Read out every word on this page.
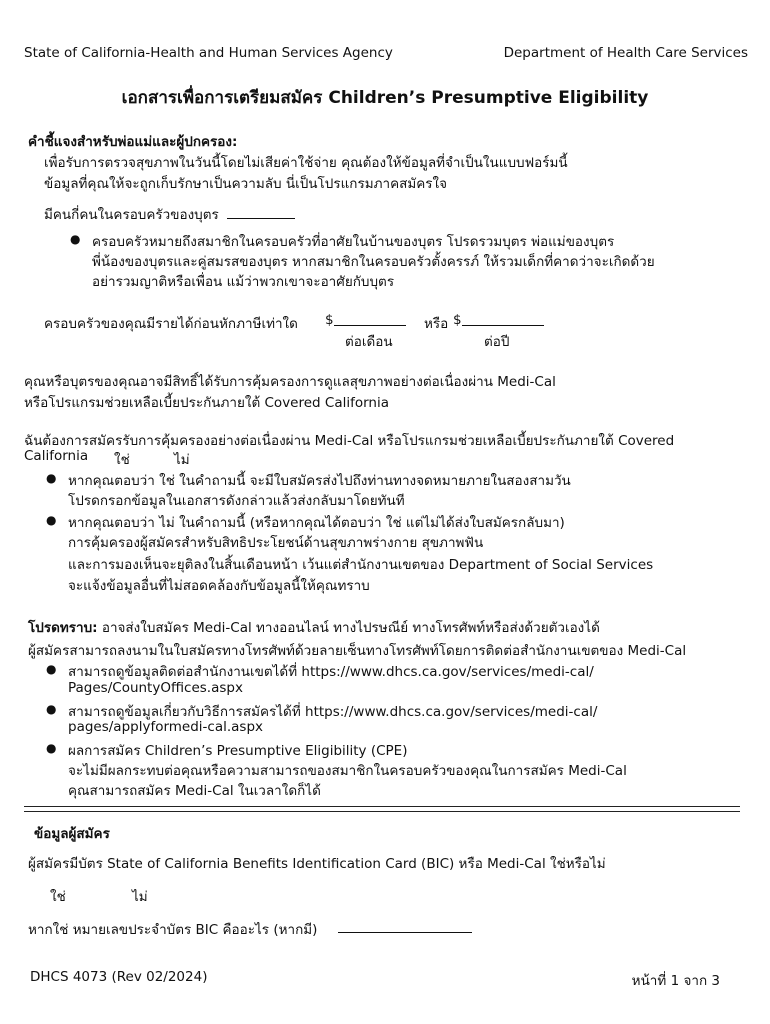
State of California-Health and Human Services Agency	Department of Health Care Services
เอกสารเพื่อการเตรียมสมัคร Children’s Presumptive Eligibility
คำชี้แจงสำหรับพ่อแม่และผู้ปกครอง:
เพื่อรับการตรวจสุขภาพในวันนี้โดยไม่เสียค่าใช้จ่าย คุณต้องให้ข้อมูลที่จำเป็นในแบบฟอร์มนี้
ข้อมูลที่คุณให้จะถูกเก็บรักษาเป็นความลับ นี่เป็นโปรแกรมภาคสมัครใจ
มีคนกี่คนในครอบครัวของบุตร
● ครอบครัวหมายถึงสมาชิกในครอบครัวที่อาศัยในบ้านของบุตร โปรดรวมบุตร พ่อแม่ของบุตร
พี่น้องของบุตรและคู่สมรสของบุตร หากสมาชิกในครอบครัวตั้งครรภ์ ให้รวมเด็กที่คาดว่าจะเกิดด้วย
อย่ารวมญาติหรือเพื่อน แม้ว่าพวกเขาจะอาศัยกับบุตร
ครอบครัวของคุณมีรายได้ก่อนหักภาษีเท่าใด $	หรือ $
ต่อเดือน	ต่อปี
คุณหรือบุตรของคุณอาจมีสิทธิ์ได้รับการคุ้มครองการดูแลสุขภาพอย่างต่อเนื่องผ่าน Medi-Cal
หรือโปรแกรมช่วยเหลือเบี้ยประกันภายใต้ Covered California
ฉันต้องการสมัครรับการคุ้มครองอย่างต่อเนื่องผ่าน Medi-Cal หรือโปรแกรมช่วยเหลือเบี้ยประกันภายใต้ Covered
California ใช่	ไม่
● หากคุณตอบว่า ใช่ ในคำถามนี้ จะมีใบสมัครส่งไปถึงท่านทางจดหมายภายในสองสามวัน
โปรดกรอกข้อมูลในเอกสารดังกล่าวแล้วส่งกลับมาโดยทันที
● หากคุณตอบว่า ไม่ ในคำถามนี้ (หรือหากคุณได้ตอบว่า ใช่ แต่ไม่ได้ส่งใบสมัครกลับมา)
การคุ้มครองผู้สมัครสำหรับสิทธิประโยชน์ด้านสุขภาพร่างกาย สุขภาพฟัน
และการมองเห็นจะยุติลงในสิ้นเดือนหน้า เว้นแต่สำนักงานเขตของ Department of Social Services
จะแจ้งข้อมูลอื่นที่ไม่สอดคล้องกับข้อมูลนี้ให้คุณทราบ
โปรดทราบ: อาจส่งใบสมัคร Medi-Cal ทางออนไลน์ ทางไปรษณีย์ ทางโทรศัพท์หรือส่งด้วยตัวเองได้
ผู้สมัครสามารถลงนามในใบสมัครทางโทรศัพท์ด้วยลายเซ็นทางโทรศัพท์โดยการติดต่อสำนักงานเขตของ Medi-Cal
● สามารถดูข้อมูลติดต่อสำนักงานเขตได้ที่ https://www.dhcs.ca.gov/services/medi-cal/
Pages/CountyOffices.aspx
● สามารถดูข้อมูลเกี่ยวกับวิธีการสมัครได้ที่ https://www.dhcs.ca.gov/services/medi-cal/
pages/applyformedi-cal.aspx
● ผลการสมัคร Children’s Presumptive Eligibility (CPE)
จะไม่มีผลกระทบต่อคุณหรือความสามารถของสมาชิกในครอบครัวของคุณในการสมัคร Medi-Cal
คุณสามารถสมัคร Medi-Cal ในเวลาใดก็ได้
ข้อมูลผู้สมัคร
ผู้สมัครมีบัตร State of California Benefits Identification Card (BIC) หรือ Medi-Cal ใช่หรือไม่
ใช่	ไม่
หากใช่ หมายเลขประจำบัตร BIC คืออะไร (หากมี)
DHCS 4073 (Rev 02/2024)	หน้าที่ 1 จาก 3
